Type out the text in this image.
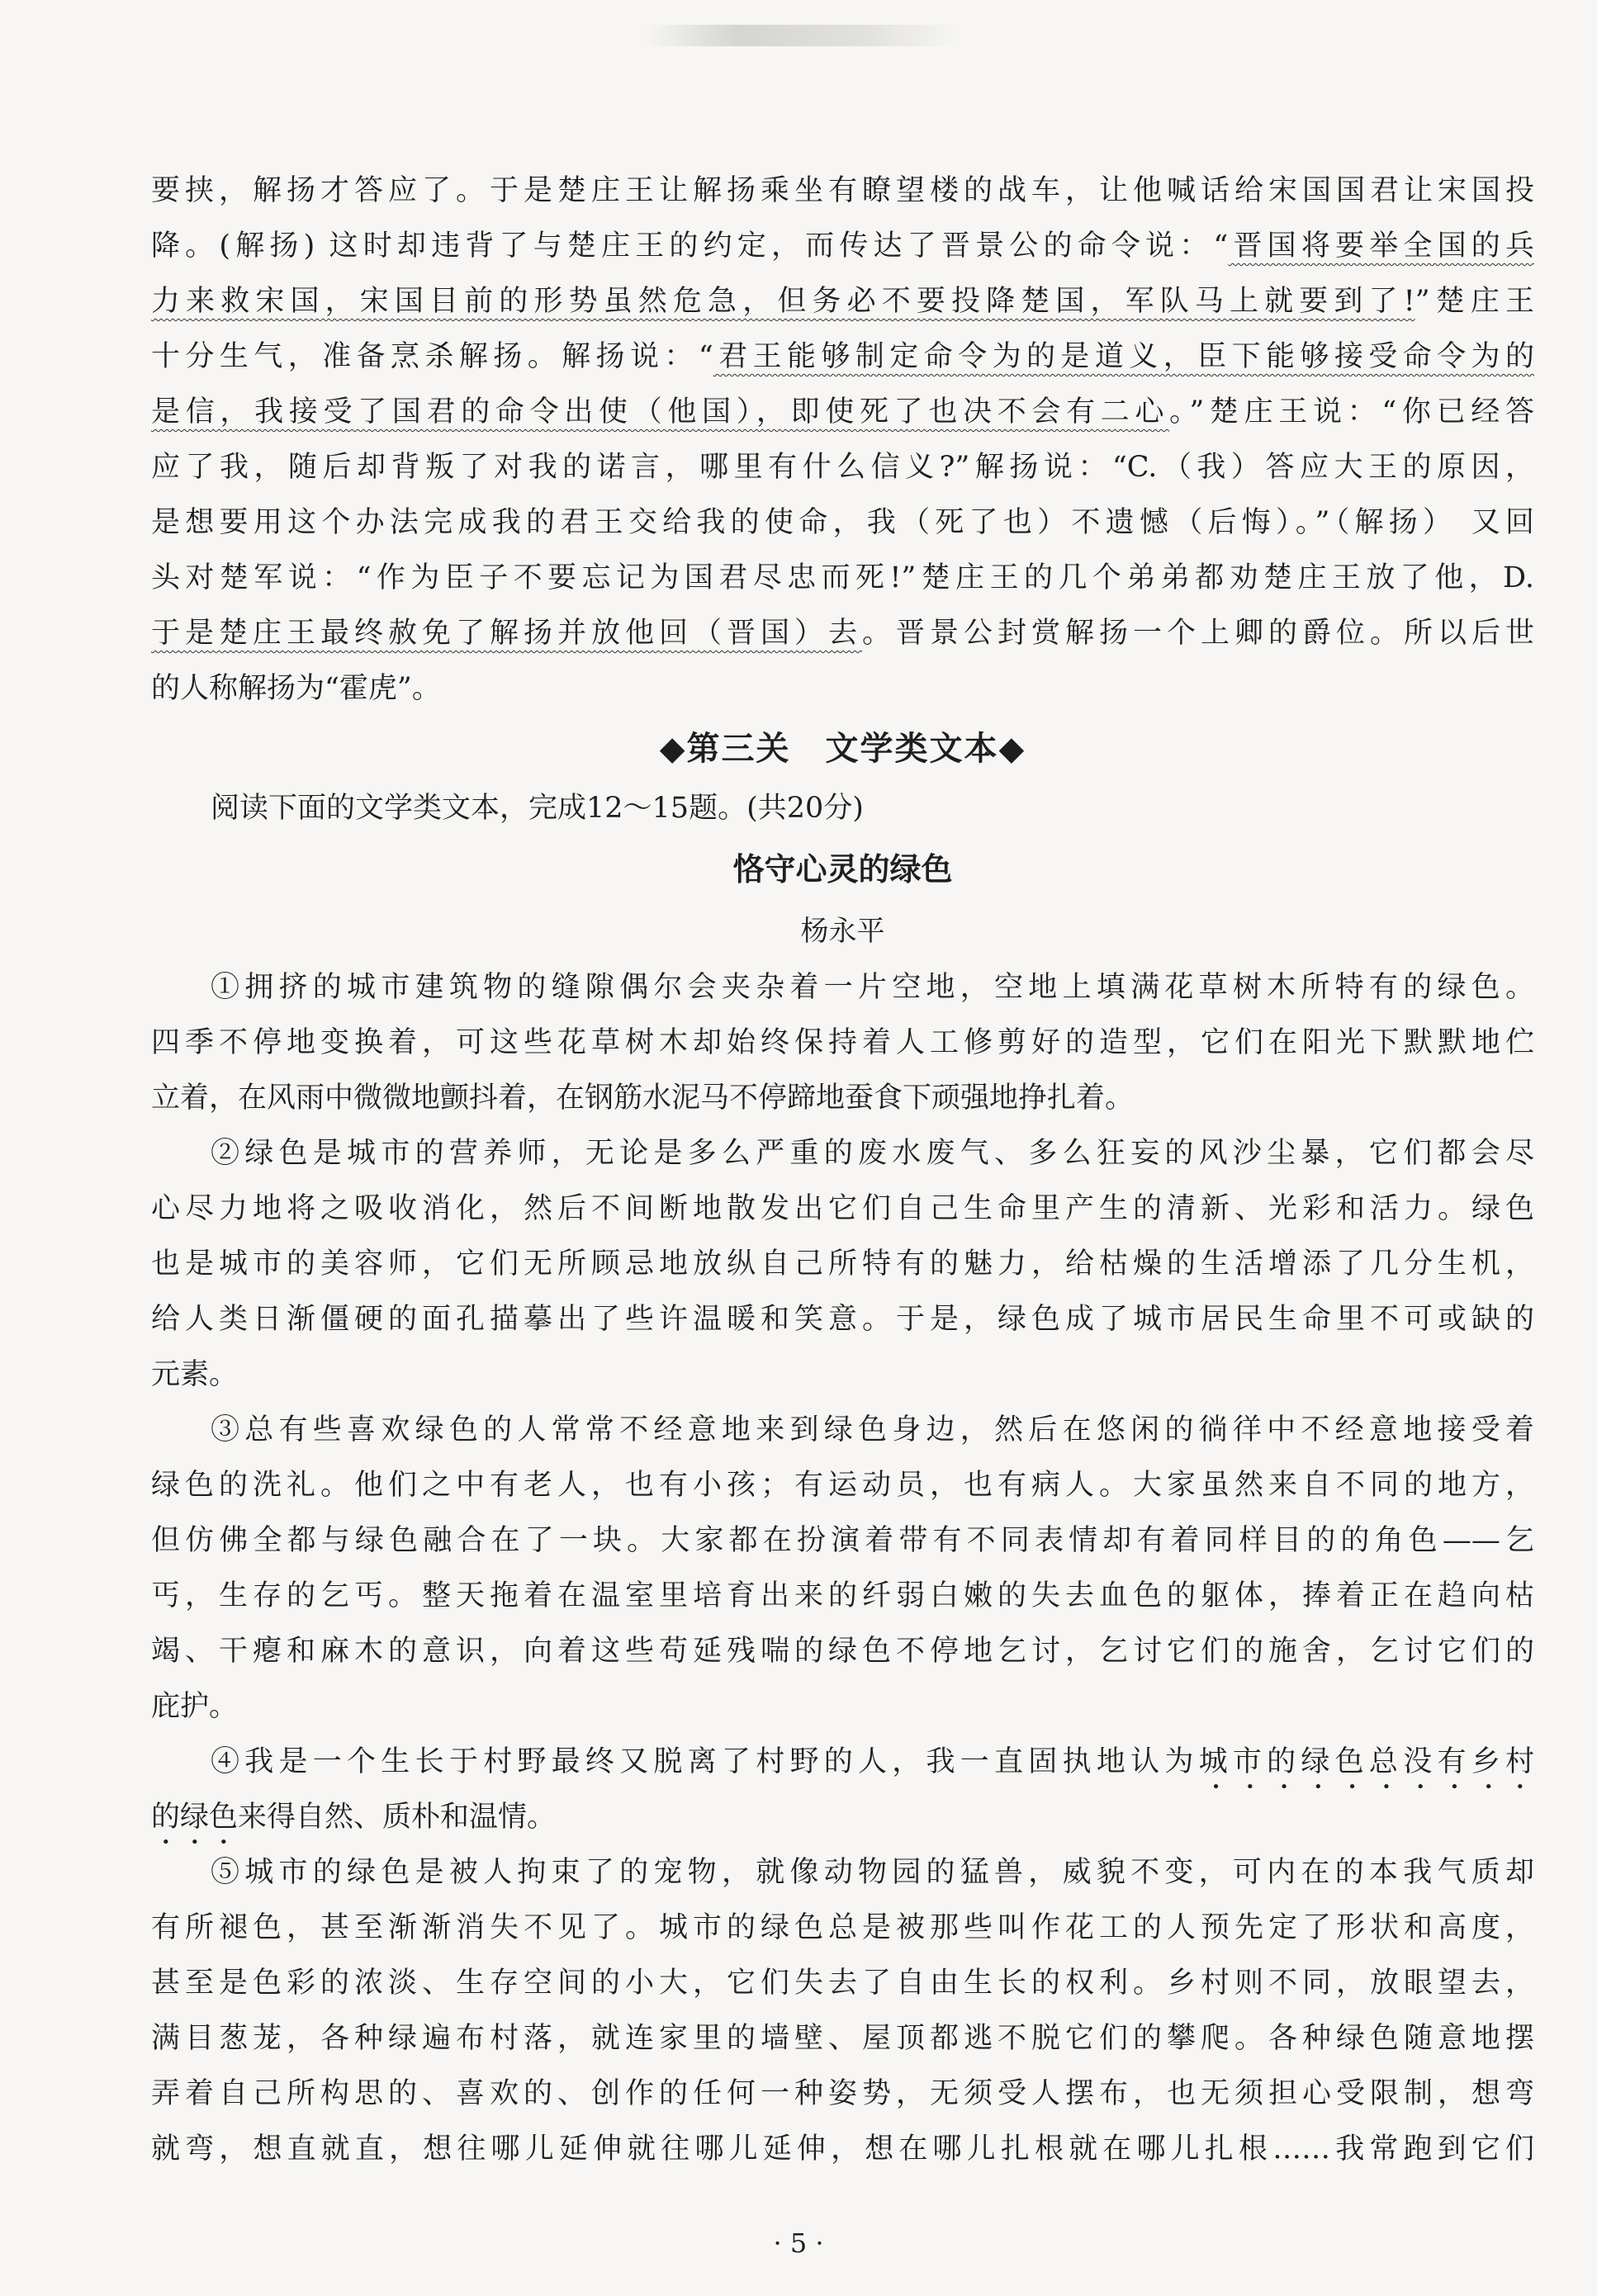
要挟，解扬才答应了。于是楚庄王让解扬乘坐有瞭望楼的战车，让他喊话给宋国国君让宋国投
降。(解扬) 这时却违背了与楚庄王的约定，而传达了晋景公的命令说：“晋国将要举全国的兵
力来救宋国，宋国目前的形势虽然危急，但务必不要投降楚国，军队马上就要到了!”楚庄王
十分生气，准备烹杀解扬。解扬说：“君王能够制定命令为的是道义，臣下能够接受命令为的
是信，我接受了国君的命令出使（他国），即使死了也决不会有二心。”楚庄王说：“你已经答
应了我，随后却背叛了对我的诺言，哪里有什么信义?”解扬说：“C.（我）答应大王的原因，
是想要用这个办法完成我的君王交给我的使命，我（死了也）不遗憾（后悔）。”（解扬） 又回
头对楚军说：“作为臣子不要忘记为国君尽忠而死!”楚庄王的几个弟弟都劝楚庄王放了他，D.
于是楚庄王最终赦免了解扬并放他回（晋国）去。晋景公封赏解扬一个上卿的爵位。所以后世
的人称解扬为“霍虎”。
◆第三关　文学类文本◆
阅读下面的文学类文本，完成12～15题。(共20分)
恪守心灵的绿色
杨永平
①拥挤的城市建筑物的缝隙偶尔会夹杂着一片空地，空地上填满花草树木所特有的绿色。
四季不停地变换着，可这些花草树木却始终保持着人工修剪好的造型，它们在阳光下默默地伫
立着，在风雨中微微地颤抖着，在钢筋水泥马不停蹄地蚕食下顽强地挣扎着。
②绿色是城市的营养师，无论是多么严重的废水废气、多么狂妄的风沙尘暴，它们都会尽
心尽力地将之吸收消化，然后不间断地散发出它们自己生命里产生的清新、光彩和活力。绿色
也是城市的美容师，它们无所顾忌地放纵自己所特有的魅力，给枯燥的生活增添了几分生机，
给人类日渐僵硬的面孔描摹出了些许温暖和笑意。于是，绿色成了城市居民生命里不可或缺的
元素。
③总有些喜欢绿色的人常常不经意地来到绿色身边，然后在悠闲的徜徉中不经意地接受着
绿色的洗礼。他们之中有老人，也有小孩；有运动员，也有病人。大家虽然来自不同的地方，
但仿佛全都与绿色融合在了一块。大家都在扮演着带有不同表情却有着同样目的的角色——乞
丐，生存的乞丐。整天拖着在温室里培育出来的纤弱白嫩的失去血色的躯体，捧着正在趋向枯
竭、干瘪和麻木的意识，向着这些苟延残喘的绿色不停地乞讨，乞讨它们的施舍，乞讨它们的
庇护。
④我是一个生长于村野最终又脱离了村野的人，我一直固执地认为城市的绿色总没有乡村
的绿色来得自然、质朴和温情。
⑤城市的绿色是被人拘束了的宠物，就像动物园的猛兽，威貌不变，可内在的本我气质却
有所褪色，甚至渐渐消失不见了。城市的绿色总是被那些叫作花工的人预先定了形状和高度，
甚至是色彩的浓淡、生存空间的小大，它们失去了自由生长的权利。乡村则不同，放眼望去，
满目葱茏，各种绿遍布村落，就连家里的墙壁、屋顶都逃不脱它们的攀爬。各种绿色随意地摆
弄着自己所构思的、喜欢的、创作的任何一种姿势，无须受人摆布，也无须担心受限制，想弯
就弯，想直就直，想往哪儿延伸就往哪儿延伸，想在哪儿扎根就在哪儿扎根……我常跑到它们
· 5 ·
